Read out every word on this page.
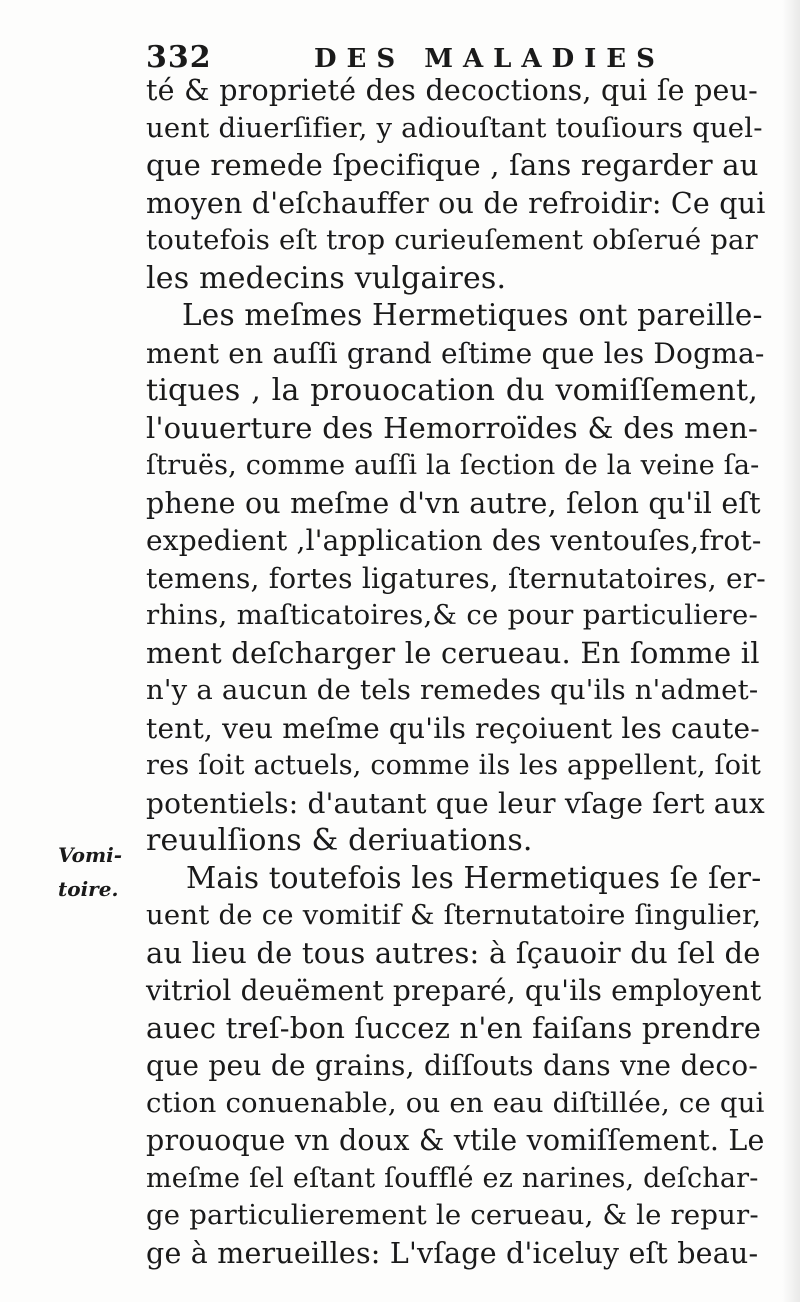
332	DES MALADIES
Vomi-
toire.
té & proprieté des decoctions, qui ſe peu-
uent diuerſifier, y adiouſtant touſiours quel-
que remede ſpecifique , ſans regarder au
moyen d'eſchauffer ou de refroidir: Ce qui
toutefois eſt trop curieuſement obſerué par
les medecins vulgaires.
Les meſmes Hermetiques ont pareille-
ment en auſſi grand eſtime que les Dogma-
tiques , la prouocation du vomiſſement,
l'ouuerture des Hemorroïdes & des men-
ſtruës, comme auſſi la ſection de la veine ſa-
phene ou meſme d'vn autre, ſelon qu'il eſt
expedient ,l'application des ventouſes,frot-
temens, fortes ligatures, ſternutatoires, er-
rhins, maſticatoires,& ce pour particuliere-
ment deſcharger le cerueau. En ſomme il
n'y a aucun de tels remedes qu'ils n'admet-
tent, veu meſme qu'ils reçoiuent les caute-
res ſoit actuels, comme ils les appellent, ſoit
potentiels: d'autant que leur vſage ſert aux
reuulſions & deriuations.
Mais toutefois les Hermetiques ſe ſer-
uent de ce vomitif & ſternutatoire ſingulier,
au lieu de tous autres: à ſçauoir du ſel de
vitriol deuëment preparé, qu'ils employent
auec treſ-bon ſuccez n'en faiſans prendre
que peu de grains, diſſouts dans vne deco-
ction conuenable, ou en eau diſtillée, ce qui
prouoque vn doux & vtile vomiſſement. Le
meſme ſel eſtant ſoufflé ez narines, deſchar-
ge particulierement le cerueau, & le repur-
ge à merueilles: L'vſage d'iceluy eſt beau-
